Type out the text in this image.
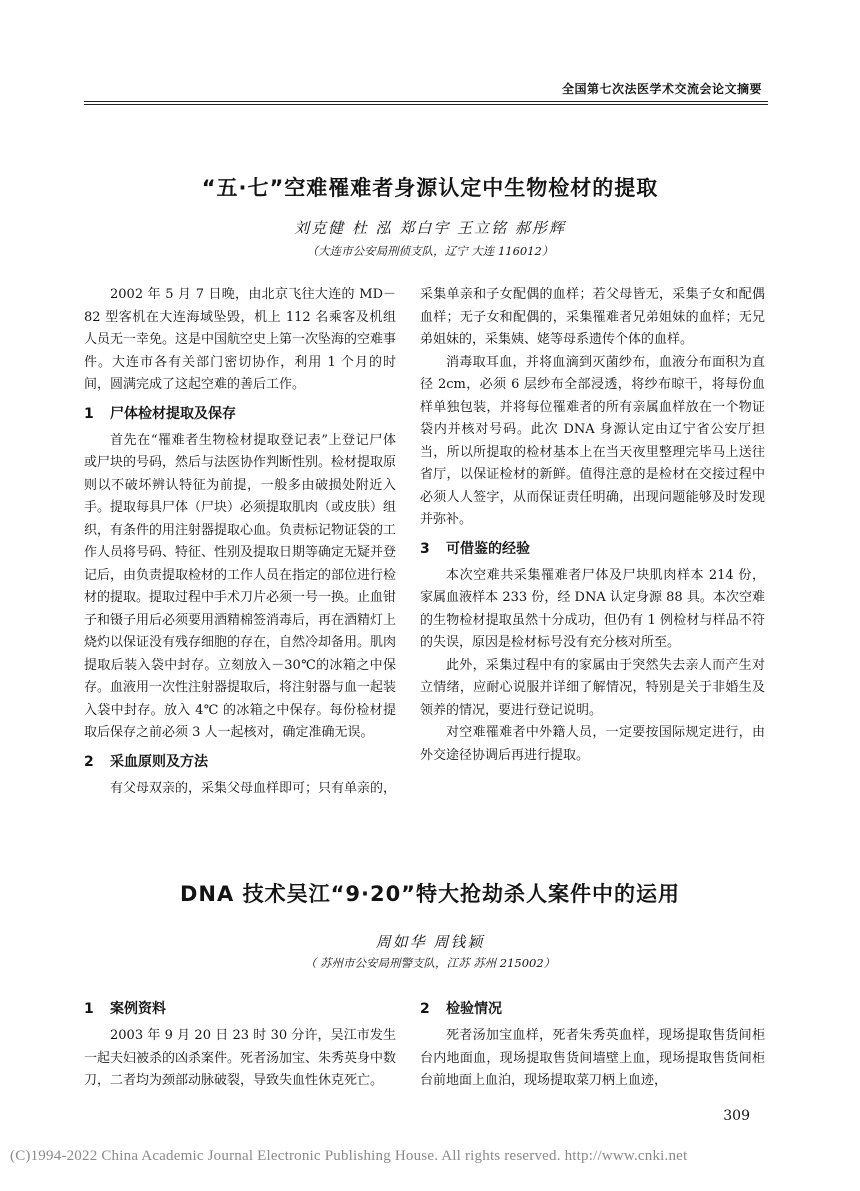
全国第七次法医学术交流会论文摘要
“五·七”空难罹难者身源认定中生物检材的提取
刘克健 杜 泓 郑白宇 王立铭 郝彤辉
（大连市公安局刑侦支队，辽宁 大连 116012）

2002 年 5 月 7 日晚，由北京飞往大连的 MD－82 型客机在大连海域坠毁，机上 112 名乘客及机组人员无一幸免。这是中国航空史上第一次坠海的空难事件。大连市各有关部门密切协作，利用 1 个月的时间，圆满完成了这起空难的善后工作。

1 尸体检材提取及保存

首先在“罹难者生物检材提取登记表”上登记尸体或尸块的号码，然后与法医协作判断性别。检材提取原则以不破坏辨认特征为前提，一般多由破损处附近入手。提取每具尸体（尸块）必须提取肌肉（或皮肤）组织，有条件的用注射器提取心血。负责标记物证袋的工作人员将号码、特征、性别及提取日期等确定无疑并登记后，由负责提取检材的工作人员在指定的部位进行检材的提取。提取过程中手术刀片必须一号一换。止血钳子和镊子用后必须要用酒精棉签消毒后，再在酒精灯上烧灼以保证没有残存细胞的存在，自然冷却备用。肌肉提取后装入袋中封存。立刻放入－30℃的冰箱之中保存。血液用一次性注射器提取后，将注射器与血一起装入袋中封存。放入 4℃ 的冰箱之中保存。每份检材提取后保存之前必须 3 人一起核对，确定准确无误。

2 采血原则及方法

有父母双亲的，采集父母血样即可；只有单亲的，

采集单亲和子女配偶的血样；若父母皆无，采集子女和配偶血样；无子女和配偶的，采集罹难者兄弟姐妹的血样；无兄弟姐妹的，采集姨、姥等母系遗传个体的血样。

消毒取耳血，并将血滴到灭菌纱布，血液分布面积为直径 2cm，必须 6 层纱布全部浸透，将纱布晾干，将每份血样单独包装，并将每位罹难者的所有亲属血样放在一个物证袋内并核对号码。此次 DNA 身源认定由辽宁省公安厅担当，所以所提取的检材基本上在当天夜里整理完毕马上送往省厅，以保证检材的新鲜。值得注意的是检材在交接过程中必须人人签字，从而保证责任明确，出现问题能够及时发现并弥补。

3 可借鉴的经验

本次空难共采集罹难者尸体及尸块肌肉样本 214 份，家属血液样本 233 份，经 DNA 认定身源 88 具。本次空难的生物检材提取虽然十分成功，但仍有 1 例检材与样品不符的失误，原因是检材标号没有充分核对所至。

此外，采集过程中有的家属由于突然失去亲人而产生对立情绪，应耐心说服并详细了解情况，特别是关于非婚生及领养的情况，要进行登记说明。

对空难罹难者中外籍人员，一定要按国际规定进行，由外交途径协调后再进行提取。

DNA 技术吴江“9·20”特大抢劫杀人案件中的运用
周如华 周钱颖
（ 苏州市公安局刑警支队，江苏 苏州 215002）
1 案例资料

2003 年 9 月 20 日 23 时 30 分许，吴江市发生一起夫妇被杀的凶杀案件。死者汤加宝、朱秀英身中数刀，二者均为颈部动脉破裂，导致失血性休克死亡。

2 检验情况

死者汤加宝血样，死者朱秀英血样，现场提取售货间柜台内地面血，现场提取售货间墙壁上血，现场提取售货间柜台前地面上血泊，现场提取菜刀柄上血迹，

309
(C)1994-2022 China Academic Journal Electronic Publishing House. All rights reserved. http://www.cnki.net
